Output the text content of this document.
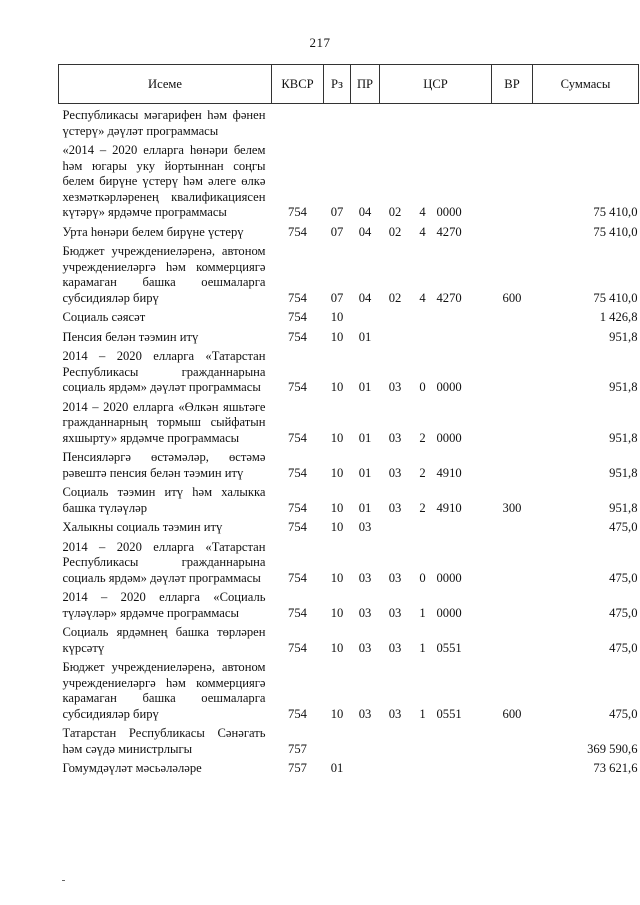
217
Исеме	КВСР	Рз	ПР	ЦСР			ВР	Суммасы
Республикасы мәгарифен һәм фәнен үстерү» дәүләт программасы								
«2014 – 2020 елларга һөнәри белем һәм югары уку йортыннан соңгы белем бирүне үстерү һәм әлеге өлкә хезмәткәрләренең квалификациясен күтәрү» ярдәмче программасы	754	07	04	02	4	0000		75 410,0
Урта һөнәри белем бирүне үстерү	754	07	04	02	4	4270		75 410,0
Бюджет учреждениеләренә, автоном учреждениеләргә һәм коммерциягә карамаган башка оешмаларга субсидияләр бирү	754	07	04	02	4	4270	600	75 410,0
Социаль сәясәт	754	10						1 426,8
Пенсия белән тәэмин итү	754	10	01					951,8
2014 – 2020 елларга «Татарстан Республикасы гражданнарына социаль ярдәм» дәүләт программасы	754	10	01	03	0	0000		951,8
2014 – 2020 елларга «Өлкән яшьтәге гражданнарның тормыш сыйфатын яхшырту» ярдәмче программасы	754	10	01	03	2	0000		951,8
Пенсияләргә өстәмәләр, өстәмә рәвештә пенсия белән тәэмин итү	754	10	01	03	2	4910		951,8
Социаль тәэмин итү һәм халыкка башка түләүләр	754	10	01	03	2	4910	300	951,8
Халыкны социаль тәэмин итү	754	10	03					475,0
2014 – 2020 елларга «Татарстан Республикасы гражданнарына социаль ярдәм» дәүләт программасы	754	10	03	03	0	0000		475,0
2014 – 2020 елларга «Социаль түләүләр» ярдәмче программасы	754	10	03	03	1	0000		475,0
Социаль ярдәмнең башка төрләрен күрсәтү	754	10	03	03	1	0551		475,0
Бюджет учреждениеләренә, автоном учреждениеләргә һәм коммерциягә карамаган башка оешмаларга субсидияләр бирү	754	10	03	03	1	0551	600	475,0
Татарстан Республикасы Сәнәгать һәм сәүдә министрлыгы	757							369 590,6
Гомумдәүләт мәсьәләләре	757	01						73 621,6
